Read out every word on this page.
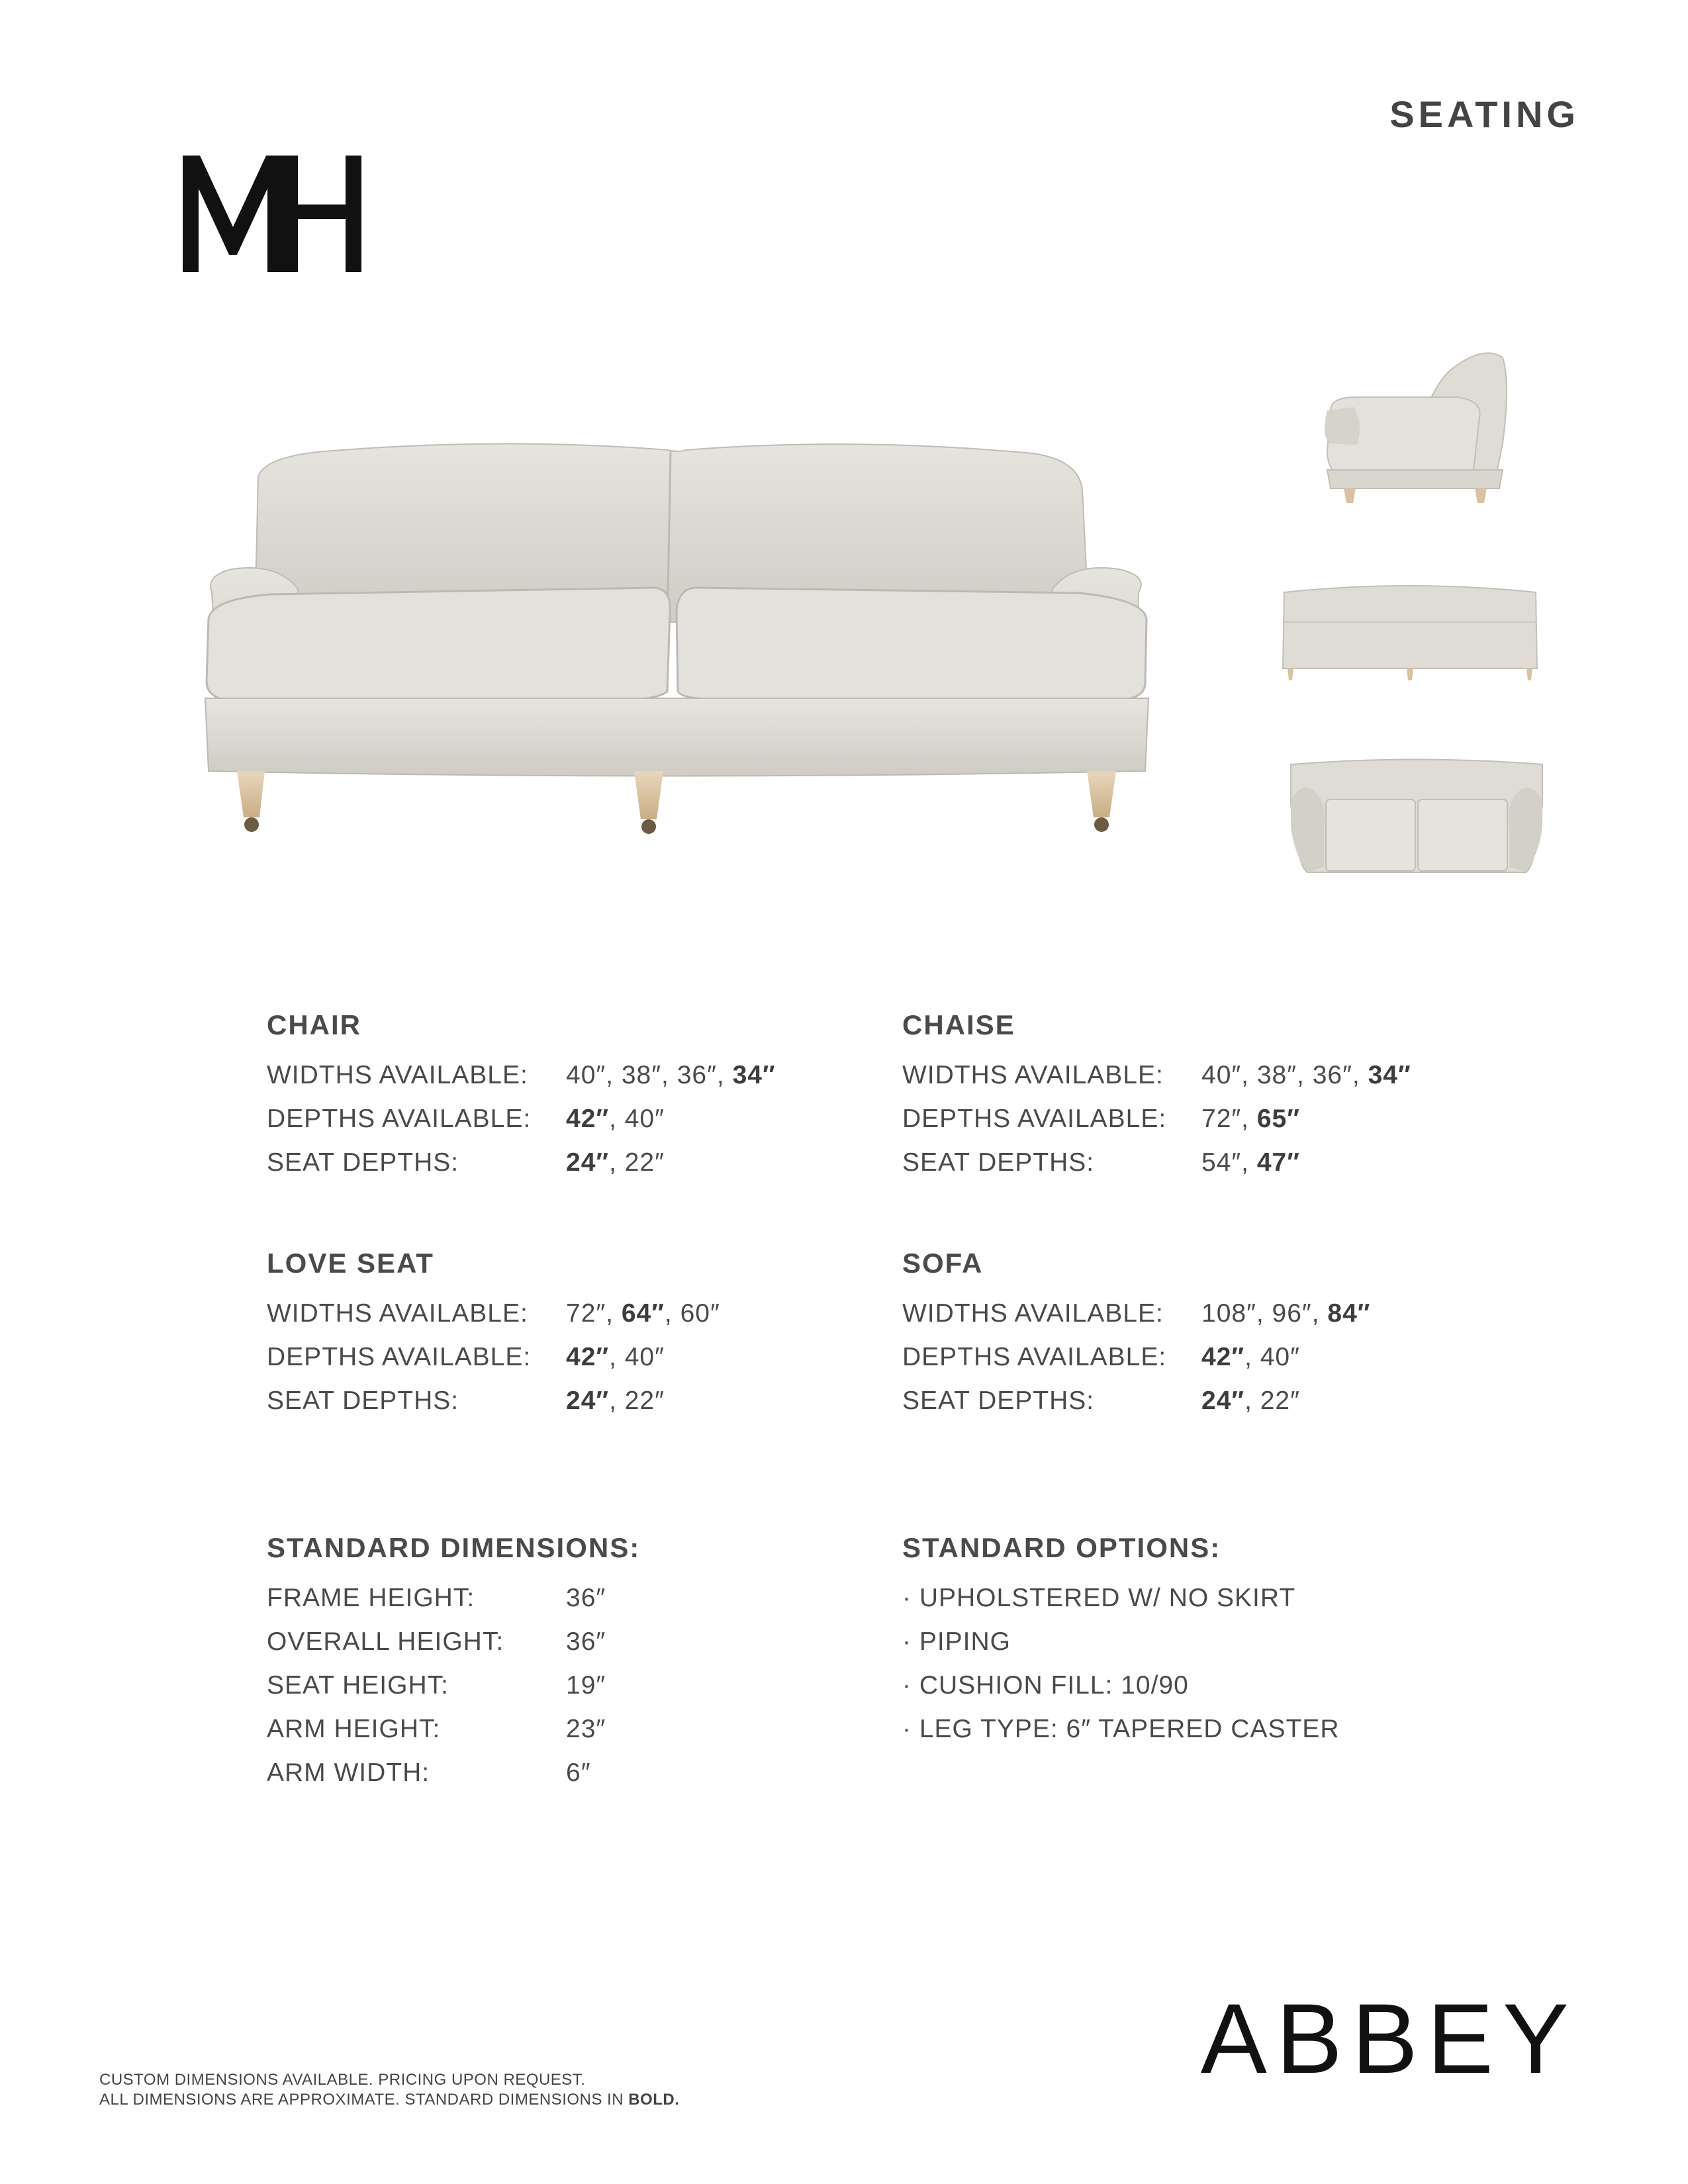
SEATING
CHAIR
WIDTHS AVAILABLE:	40″, 38″, 36″, 34″
DEPTHS AVAILABLE:	42″, 40″
SEAT DEPTHS:	24″, 22″
CHAISE
WIDTHS AVAILABLE:	40″, 38″, 36″, 34″
DEPTHS AVAILABLE:	72″, 65″
SEAT DEPTHS:	54″, 47″
LOVE SEAT
WIDTHS AVAILABLE:	72″, 64″, 60″
DEPTHS AVAILABLE:	42″, 40″
SEAT DEPTHS:	24″, 22″
SOFA
WIDTHS AVAILABLE:	108″, 96″, 84″
DEPTHS AVAILABLE:	42″, 40″
SEAT DEPTHS:	24″, 22″
STANDARD DIMENSIONS:
FRAME HEIGHT:	36″
OVERALL HEIGHT:	36″
SEAT HEIGHT:	19″
ARM HEIGHT:	23″
ARM WIDTH:	6″
STANDARD OPTIONS:
· UPHOLSTERED W/ NO SKIRT
· PIPING
· CUSHION FILL: 10/90
· LEG TYPE: 6″ TAPERED CASTER
CUSTOM DIMENSIONS AVAILABLE. PRICING UPON REQUEST.
ALL DIMENSIONS ARE APPROXIMATE. STANDARD DIMENSIONS IN BOLD.
ABBEY
